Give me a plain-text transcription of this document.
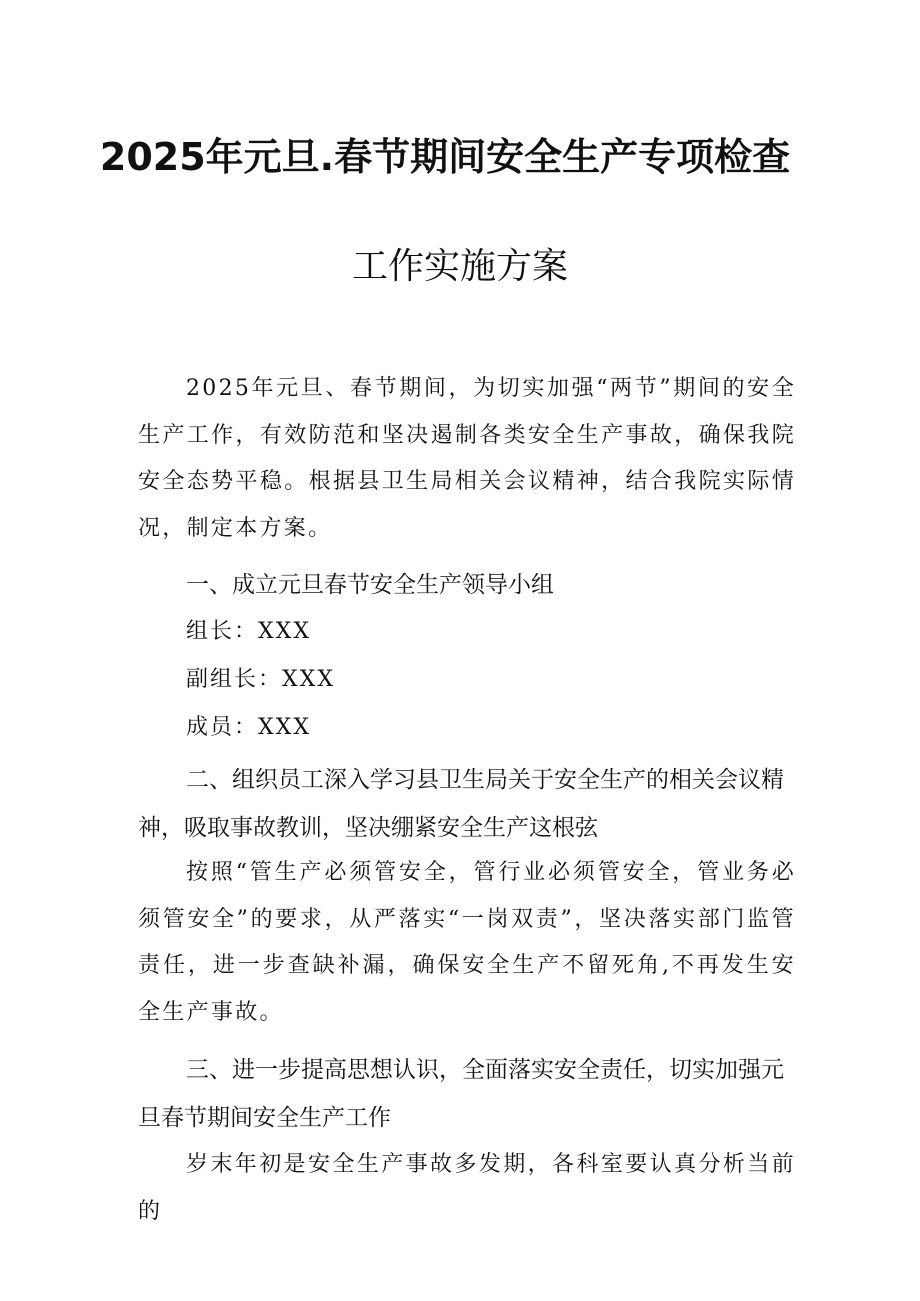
2025年元旦.春节期间安全生产专项检查
工作实施方案
2025年元旦、春节期间，为切实加强“两节”期间的安全生产工作，有效防范和坚决遏制各类安全生产事故，确保我院安全态势平稳。根据县卫生局相关会议精神，结合我院实际情况，制定本方案。
一、成立元旦春节安全生产领导小组
组长：XXX
副组长：XXX
成员：XXX
二、组织员工深入学习县卫生局关于安全生产的相关会议精神，吸取事故教训，坚决绷紧安全生产这根弦
按照“管生产必须管安全，管行业必须管安全，管业务必须管安全”的要求，从严落实“一岗双责”，坚决落实部门监管责任，进一步查缺补漏，确保安全生产不留死角,不再发生安全生产事故。
三、进一步提高思想认识，全面落实安全责任，切实加强元旦春节期间安全生产工作
岁末年初是安全生产事故多发期，各科室要认真分析当前的
